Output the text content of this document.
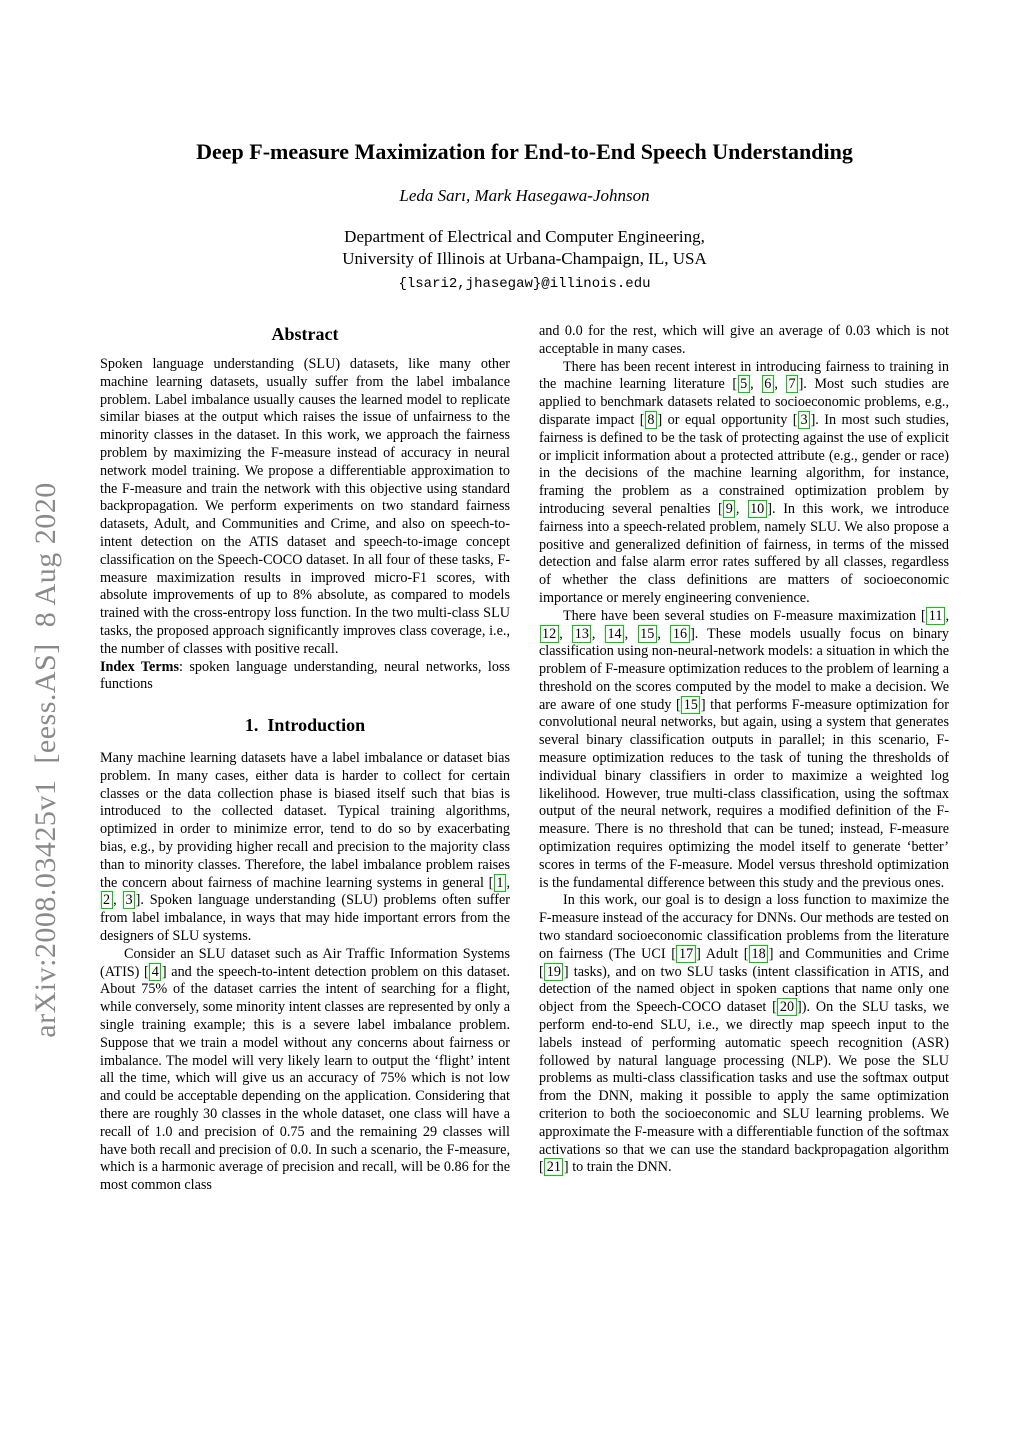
arXiv:2008.03425v1  [eess.AS]  8 Aug 2020
Deep F-measure Maximization for End-to-End Speech Understanding
Leda Sarı, Mark Hasegawa-Johnson
Department of Electrical and Computer Engineering,
University of Illinois at Urbana-Champaign, IL, USA
{lsari2,jhasegaw}@illinois.edu
Abstract

Spoken language understanding (SLU) datasets, like many other machine learning datasets, usually suffer from the label imbalance problem. Label imbalance usually causes the learned model to replicate similar biases at the output which raises the issue of unfairness to the minority classes in the dataset. In this work, we approach the fairness problem by maximizing the F-measure instead of accuracy in neural network model training. We propose a differentiable approximation to the F-measure and train the network with this objective using standard backpropagation. We perform experiments on two standard fairness datasets, Adult, and Communities and Crime, and also on speech-to-intent detection on the ATIS dataset and speech-to-image concept classification on the Speech-COCO dataset. In all four of these tasks, F-measure maximization results in improved micro-F1 scores, with absolute improvements of up to 8% absolute, as compared to models trained with the cross-entropy loss function. In the two multi-class SLU tasks, the proposed approach significantly improves class coverage, i.e., the number of classes with positive recall.

Index Terms: spoken language understanding, neural networks, loss functions

1.  Introduction

Many machine learning datasets have a label imbalance or dataset bias problem. In many cases, either data is harder to collect for certain classes or the data collection phase is biased itself such that bias is introduced to the collected dataset. Typical training algorithms, optimized in order to minimize error, tend to do so by exacerbating bias, e.g., by providing higher recall and precision to the majority class than to minority classes. Therefore, the label imbalance problem raises the concern about fairness of machine learning systems in general [ 1 , 2 , 3 ]. Spoken language understanding (SLU) problems often suffer from label imbalance, in ways that may hide important errors from the designers of SLU systems.

Consider an SLU dataset such as Air Traffic Information Systems (ATIS) [ 4 ] and the speech-to-intent detection problem on this dataset. About 75% of the dataset carries the intent of searching for a flight, while conversely, some minority intent classes are represented by only a single training example; this is a severe label imbalance problem. Suppose that we train a model without any concerns about fairness or imbalance. The model will very likely learn to output the ‘flight’ intent all the time, which will give us an accuracy of 75% which is not low and could be acceptable depending on the application. Considering that there are roughly 30 classes in the whole dataset, one class will have a recall of 1.0 and precision of 0.75 and the remaining 29 classes will have both recall and precision of 0.0. In such a scenario, the F-measure, which is a harmonic average of precision and recall, will be 0.86 for the most common class

and 0.0 for the rest, which will give an average of 0.03 which is not acceptable in many cases.

There has been recent interest in introducing fairness to training in the machine learning literature [ 5 , 6 , 7 ]. Most such studies are applied to benchmark datasets related to socioeconomic problems, e.g., disparate impact [ 8 ] or equal opportunity [ 3 ]. In most such studies, fairness is defined to be the task of protecting against the use of explicit or implicit information about a protected attribute (e.g., gender or race) in the decisions of the machine learning algorithm, for instance, framing the problem as a constrained optimization problem by introducing several penalties [ 9 , 10 ]. In this work, we introduce fairness into a speech-related problem, namely SLU. We also propose a positive and generalized definition of fairness, in terms of the missed detection and false alarm error rates suffered by all classes, regardless of whether the class definitions are matters of socioeconomic importance or merely engineering convenience.

There have been several studies on F-measure maximization [ 11 , 12 , 13 , 14 , 15 , 16 ]. These models usually focus on binary classification using non-neural-network models: a situation in which the problem of F-measure optimization reduces to the problem of learning a threshold on the scores computed by the model to make a decision. We are aware of one study [ 15 ] that performs F-measure optimization for convolutional neural networks, but again, using a system that generates several binary classification outputs in parallel; in this scenario, F-measure optimization reduces to the task of tuning the thresholds of individual binary classifiers in order to maximize a weighted log likelihood. However, true multi-class classification, using the softmax output of the neural network, requires a modified definition of the F-measure. There is no threshold that can be tuned; instead, F-measure optimization requires optimizing the model itself to generate ‘better’ scores in terms of the F-measure. Model versus threshold optimization is the fundamental difference between this study and the previous ones.

In this work, our goal is to design a loss function to maximize the F-measure instead of the accuracy for DNNs. Our methods are tested on two standard socioeconomic classification problems from the literature on fairness (The UCI [ 17 ] Adult [ 18 ] and Communities and Crime [ 19 ] tasks), and on two SLU tasks (intent classification in ATIS, and detection of the named object in spoken captions that name only one object from the Speech-COCO dataset [ 20 ]). On the SLU tasks, we perform end-to-end SLU, i.e., we directly map speech input to the labels instead of performing automatic speech recognition (ASR) followed by natural language processing (NLP). We pose the SLU problems as multi-class classification tasks and use the softmax output from the DNN, making it possible to apply the same optimization criterion to both the socioeconomic and SLU learning problems. We approximate the F-measure with a differentiable function of the softmax activations so that we can use the standard backpropagation algorithm [ 21 ] to train the DNN.
